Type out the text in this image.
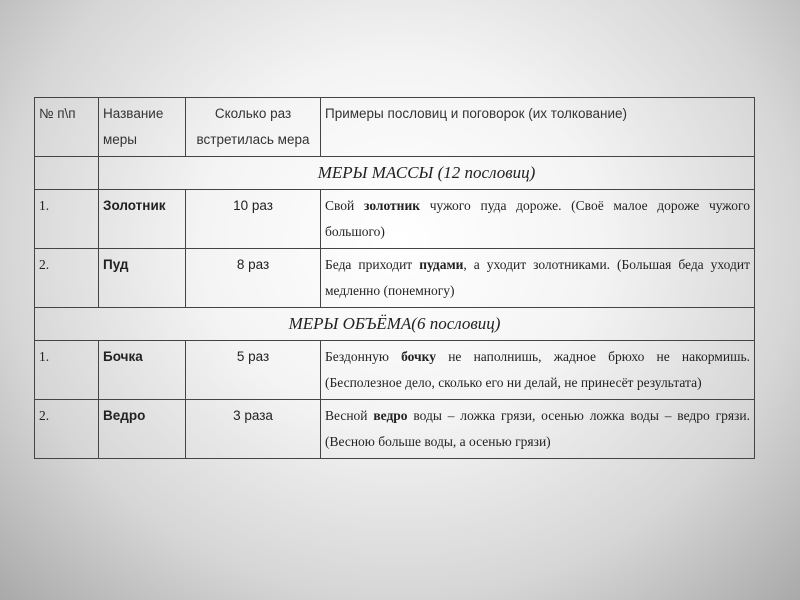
№ п\п	Название меры	Сколько раз встретилась мера	Примеры пословиц и поговорок (их толкование)
	МЕРЫ МАССЫ (12 пословиц)		
1.	Золотник	10 раз	Свой золотник чужого пуда дороже. (Своё малое дороже чужого большого)
2.	Пуд	8 раз	Беда приходит пудами, а уходит золотниками. (Большая беда уходит медленно (понемногу)
МЕРЫ ОБЪЁМА(6 пословиц)			
1.	Бочка	5 раз	Бездонную бочку не наполнишь, жадное брюхо не накормишь. (Бесполезное дело, сколько его ни делай, не принесёт результата)
2.	Ведро	3 раза	Весной ведро воды – ложка грязи, осенью ложка воды – ведро грязи. (Весною больше воды, а осенью грязи)
